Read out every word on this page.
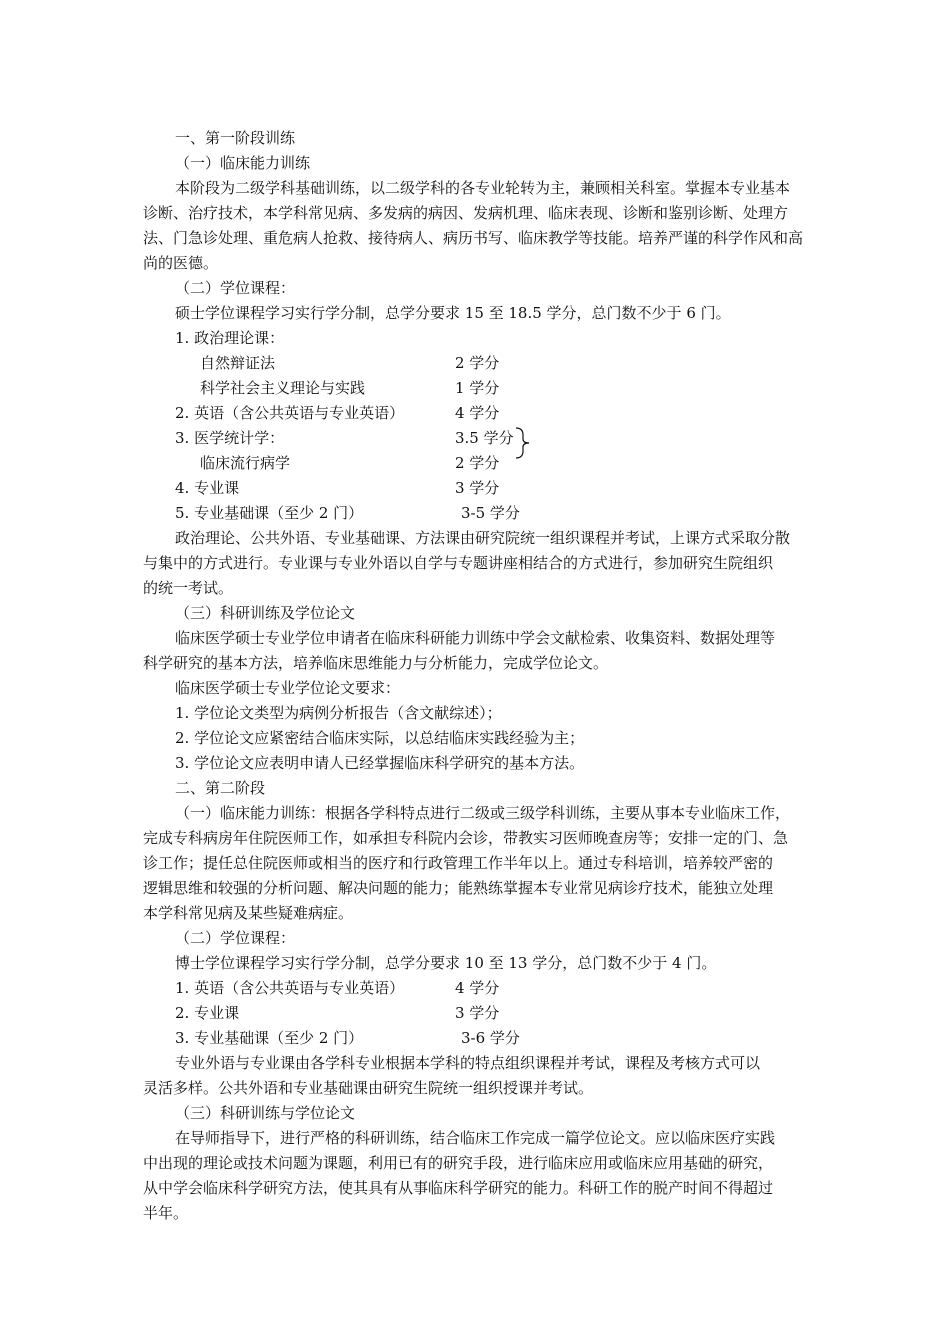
一、第一阶段训练
（一）临床能力训练
本阶段为二级学科基础训练，以二级学科的各专业轮转为主，兼顾相关科室。掌握本专业基本
诊断、治疗技术，本学科常见病、多发病的病因、发病机理、临床表现、诊断和鉴别诊断、处理方
法、门急诊处理、重危病人抢救、接待病人、病历书写、临床教学等技能。培养严谨的科学作风和高
尚的医德。
（二）学位课程：
硕士学位课程学习实行学分制，总学分要求 15 至 18.5 学分，总门数不少于 6 门。
1. 政治理论课：
自然辩证法	2 学分
科学社会主义理论与实践	1 学分
2. 英语（含公共英语与专业英语）	4 学分
3. 医学统计学：	3.5 学分
临床流行病学	2 学分
4. 专业课	3 学分
5. 专业基础课（至少 2 门）	3-5 学分
政治理论、公共外语、专业基础课、方法课由研究院统一组织课程并考试，上课方式采取分散
与集中的方式进行。专业课与专业外语以自学与专题讲座相结合的方式进行，参加研究生院组织
的统一考试。
（三）科研训练及学位论文
临床医学硕士专业学位申请者在临床科研能力训练中学会文献检索、收集资料、数据处理等
科学研究的基本方法，培养临床思维能力与分析能力，完成学位论文。
临床医学硕士专业学位论文要求：
1. 学位论文类型为病例分析报告（含文献综述）；
2. 学位论文应紧密结合临床实际，以总结临床实践经验为主；
3. 学位论文应表明申请人已经掌握临床科学研究的基本方法。
二、第二阶段
（一）临床能力训练：根据各学科特点进行二级或三级学科训练，主要从事本专业临床工作，
完成专科病房年住院医师工作，如承担专科院内会诊，带教实习医师晚查房等；安排一定的门、急
诊工作；提任总住院医师或相当的医疗和行政管理工作半年以上。通过专科培训，培养较严密的
逻辑思维和较强的分析问题、解决问题的能力；能熟练掌握本专业常见病诊疗技术，能独立处理
本学科常见病及某些疑难病症。
（二）学位课程：
博士学位课程学习实行学分制，总学分要求 10 至 13 学分，总门数不少于 4 门。
1. 英语（含公共英语与专业英语）	4 学分
2. 专业课	3 学分
3. 专业基础课（至少 2 门）	3-6 学分
专业外语与专业课由各学科专业根据本学科的特点组织课程并考试，课程及考核方式可以
灵活多样。公共外语和专业基础课由研究生院统一组织授课并考试。
（三）科研训练与学位论文
在导师指导下，进行严格的科研训练，结合临床工作完成一篇学位论文。应以临床医疗实践
中出现的理论或技术问题为课题，利用已有的研究手段，进行临床应用或临床应用基础的研究，
从中学会临床科学研究方法，使其具有从事临床科学研究的能力。科研工作的脱产时间不得超过
半年。
